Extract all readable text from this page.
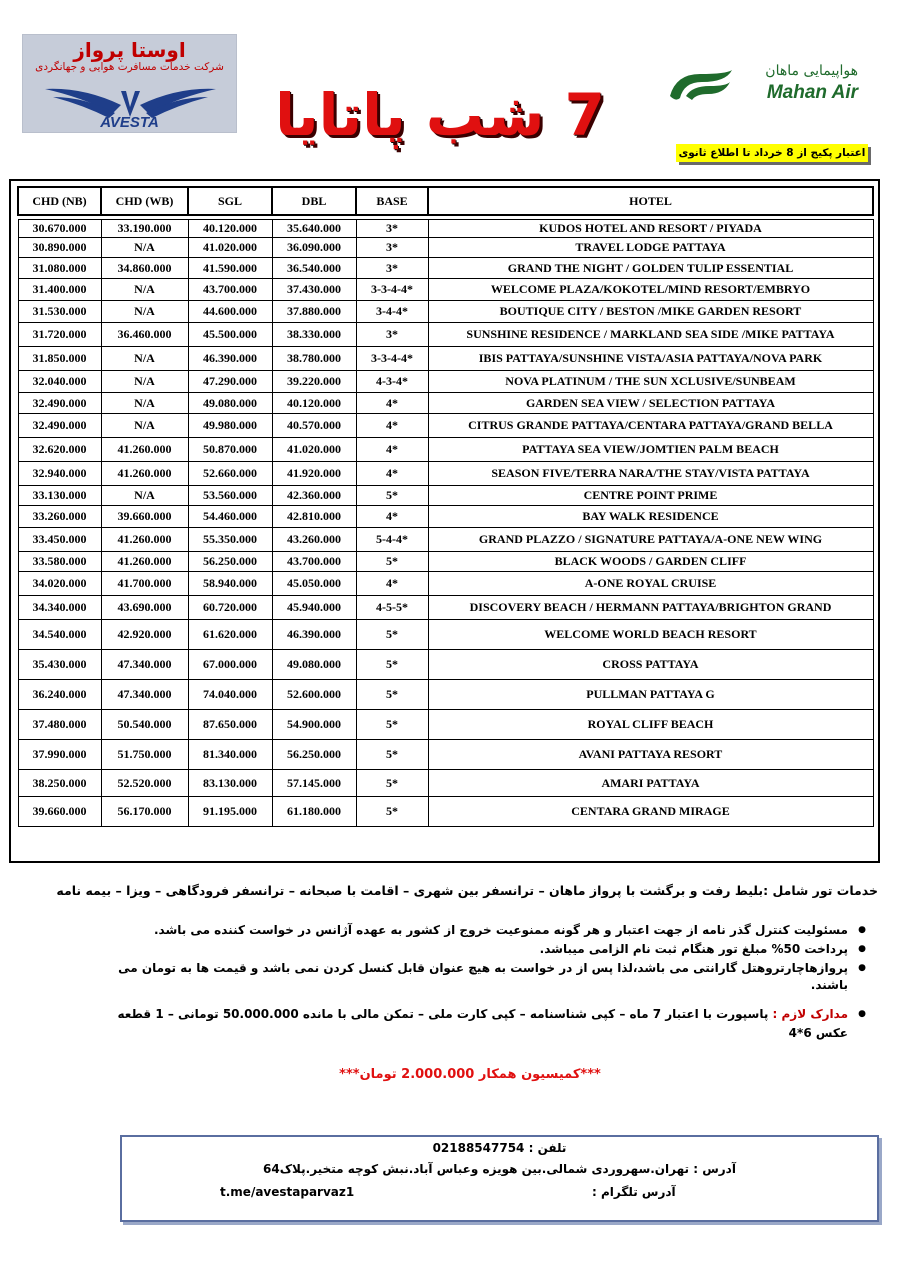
اوستا پرواز
شرکت خدمات مسافرت هوایی و جهانگردی
AVESTA	7 شب پاتایا
هواپیمایی ماهان
Mahan Air
اعتبار پکیج از 8 خرداد تا اطلاع ثانوی
CHD (NB)	CHD (WB)	SGL	DBL	BASE	HOTEL

30.670.000	33.190.000	40.120.000	35.640.000	3*	KUDOS HOTEL AND RESORT / PIYADA
30.890.000	N/A	41.020.000	36.090.000	3*	TRAVEL LODGE PATTAYA
31.080.000	34.860.000	41.590.000	36.540.000	3*	GRAND THE NIGHT / GOLDEN TULIP ESSENTIAL
31.400.000	N/A	43.700.000	37.430.000	3-3-4-4*	WELCOME PLAZA/KOKOTEL/MIND RESORT/EMBRYO
31.530.000	N/A	44.600.000	37.880.000	3-4-4*	BOUTIQUE CITY / BESTON /MIKE GARDEN RESORT
31.720.000	36.460.000	45.500.000	38.330.000	3*	SUNSHINE RESIDENCE / MARKLAND SEA SIDE /MIKE PATTAYA
31.850.000	N/A	46.390.000	38.780.000	3-3-4-4*	IBIS PATTAYA/SUNSHINE VISTA/ASIA PATTAYA/NOVA PARK
32.040.000	N/A	47.290.000	39.220.000	4-3-4*	NOVA PLATINUM / THE SUN XCLUSIVE/SUNBEAM
32.490.000	N/A	49.080.000	40.120.000	4*	GARDEN SEA VIEW / SELECTION PATTAYA
32.490.000	N/A	49.980.000	40.570.000	4*	CITRUS GRANDE PATTAYA/CENTARA PATTAYA/GRAND BELLA
32.620.000	41.260.000	50.870.000	41.020.000	4*	PATTAYA SEA VIEW/JOMTIEN PALM BEACH
32.940.000	41.260.000	52.660.000	41.920.000	4*	SEASON FIVE/TERRA NARA/THE STAY/VISTA PATTAYA
33.130.000	N/A	53.560.000	42.360.000	5*	CENTRE POINT PRIME
33.260.000	39.660.000	54.460.000	42.810.000	4*	BAY WALK RESIDENCE
33.450.000	41.260.000	55.350.000	43.260.000	5-4-4*	GRAND PLAZZO / SIGNATURE PATTAYA/A-ONE NEW WING
33.580.000	41.260.000	56.250.000	43.700.000	5*	BLACK WOODS / GARDEN CLIFF
34.020.000	41.700.000	58.940.000	45.050.000	4*	A-ONE ROYAL CRUISE
34.340.000	43.690.000	60.720.000	45.940.000	4-5-5*	DISCOVERY BEACH / HERMANN PATTAYA/BRIGHTON GRAND
34.540.000	42.920.000	61.620.000	46.390.000	5*	WELCOME WORLD BEACH RESORT
35.430.000	47.340.000	67.000.000	49.080.000	5*	CROSS PATTAYA
36.240.000	47.340.000	74.040.000	52.600.000	5*	PULLMAN PATTAYA G
37.480.000	50.540.000	87.650.000	54.900.000	5*	ROYAL CLIFF BEACH
37.990.000	51.750.000	81.340.000	56.250.000	5*	AVANI PATTAYA RESORT
38.250.000	52.520.000	83.130.000	57.145.000	5*	AMARI PATTAYA
39.660.000	56.170.000	91.195.000	61.180.000	5*	CENTARA GRAND MIRAGE
خدمات تور شامل :بلیط رفت و برگشت با پرواز ماهان – ترانسفر بین شهری – اقامت با صبحانه – ترانسفر فرودگاهی – ویزا – بیمه نامه
● مسئولیت کنترل گذر نامه از جهت اعتبار و هر گونه ممنوعیت خروج از کشور به عهده آژانس در خواست کننده می باشد.
● پرداخت 50% مبلغ تور هنگام ثبت نام الزامی میباشد.
● پروازهاچارتروهتل گارانتی می باشد،لذا پس از در خواست به هیچ عنوان قابل کنسل کردن نمی باشد و قیمت ها به تومان می باشند.
● مدارک لازم : پاسپورت با اعتبار 7 ماه – کپی شناسنامه – کپی کارت ملی – تمکن مالی با مانده 50.000.000 تومانی – 1 قطعه عکس 6*4
***کمیسیون همکار 2.000.000 تومان***
تلفن : 02188547754
آدرس : تهران.سهروردی شمالی.بین هویزه وعباس آباد.نبش کوچه متخیر.پلاک64
آدرس تلگرام :
t.me/avestaparvaz1
